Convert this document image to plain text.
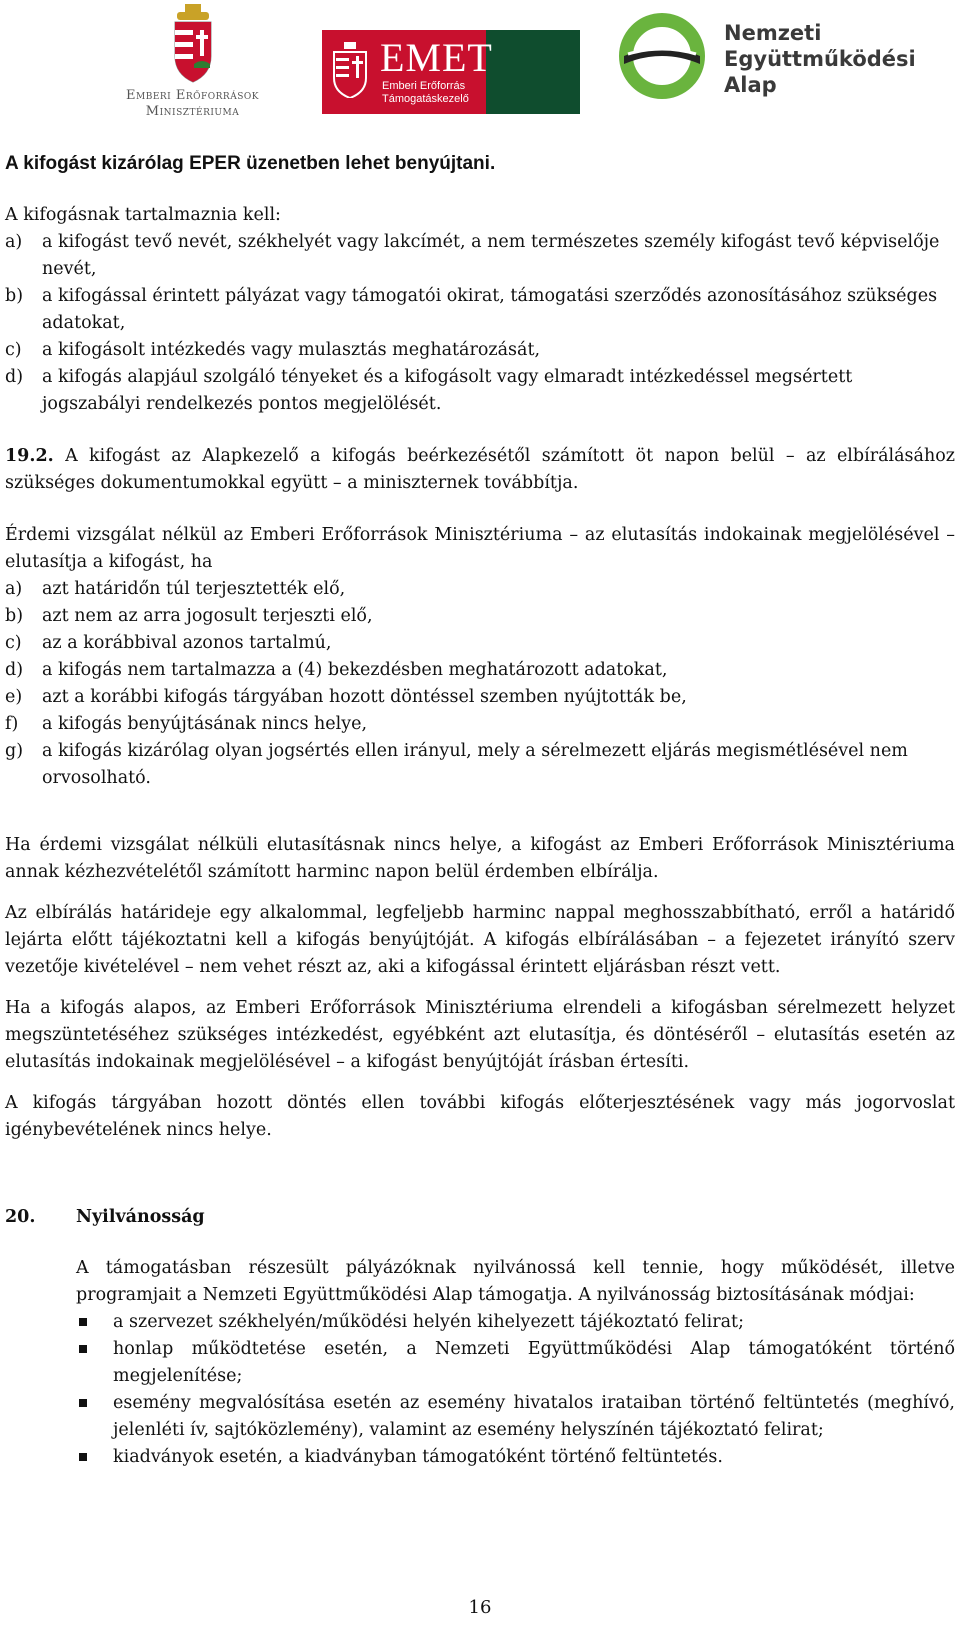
Emberi Erőforrások
Minisztériuma
EMET
Emberi Erőforrás
Támogatáskezelő
Nemzeti
Együttműködési
Alap

A kifogást kizárólag EPER üzenetben lehet benyújtani.

A kifogásnak tartalmaznia kell:

a) a kifogást tevő nevét, székhelyét vagy lakcímét, a nem természetes személy kifogást tevő képviselője nevét,
b) a kifogással érintett pályázat vagy támogatói okirat, támogatási szerződés azonosításához szükséges adatokat,
c) a kifogásolt intézkedés vagy mulasztás meghatározását,
d) a kifogás alapjául szolgáló tényeket és a kifogásolt vagy elmaradt intézkedéssel megsértett jogszabályi rendelkezés pontos megjelölését.

19.2. A kifogást az Alapkezelő a kifogás beérkezésétől számított öt napon belül – az elbírálásához szükséges dokumentumokkal együtt – a miniszternek továbbítja.

Érdemi vizsgálat nélkül az Emberi Erőforrások Minisztériuma – az elutasítás indokainak megjelölésével – elutasítja a kifogást, ha

a) azt határidőn túl terjesztették elő,
b) azt nem az arra jogosult terjeszti elő,
c) az a korábbival azonos tartalmú,
d) a kifogás nem tartalmazza a (4) bekezdésben meghatározott adatokat,
e) azt a korábbi kifogás tárgyában hozott döntéssel szemben nyújtották be,
f) a kifogás benyújtásának nincs helye,
g) a kifogás kizárólag olyan jogsértés ellen irányul, mely a sérelmezett eljárás megismétlésével nem orvosolható.

Ha érdemi vizsgálat nélküli elutasításnak nincs helye, a kifogást az Emberi Erőforrások Minisztériuma annak kézhezvételétől számított harminc napon belül érdemben elbírálja.

Az elbírálás határideje egy alkalommal, legfeljebb harminc nappal meghosszabbítható, erről a határidő lejárta előtt tájékoztatni kell a kifogás benyújtóját. A kifogás elbírálásában – a fejezetet irányító szerv vezetője kivételével – nem vehet részt az, aki a kifogással érintett eljárásban részt vett.

Ha a kifogás alapos, az Emberi Erőforrások Minisztériuma elrendeli a kifogásban sérelmezett helyzet megszüntetéséhez szükséges intézkedést, egyébként azt elutasítja, és döntéséről – elutasítás esetén az elutasítás indokainak megjelölésével – a kifogást benyújtóját írásban értesíti.

A kifogás tárgyában hozott döntés ellen további kifogás előterjesztésének vagy más jogorvoslat igénybevételének nincs helye.

20. Nyilvánosság

A támogatásban részesült pályázóknak nyilvánossá kell tennie, hogy működését, illetve programjait a Nemzeti Együttműködési Alap támogatja. A nyilvánosság biztosításának módjai:

a szervezet székhelyén/működési helyén kihelyezett tájékoztató felirat;
honlap működtetése esetén, a Nemzeti Együttműködési Alap támogatóként történő megjelenítése;
esemény megvalósítása esetén az esemény hivatalos irataiban történő feltüntetés (meghívó, jelenléti ív, sajtóközlemény), valamint az esemény helyszínén tájékoztató felirat;
kiadványok esetén, a kiadványban támogatóként történő feltüntetés.
16
